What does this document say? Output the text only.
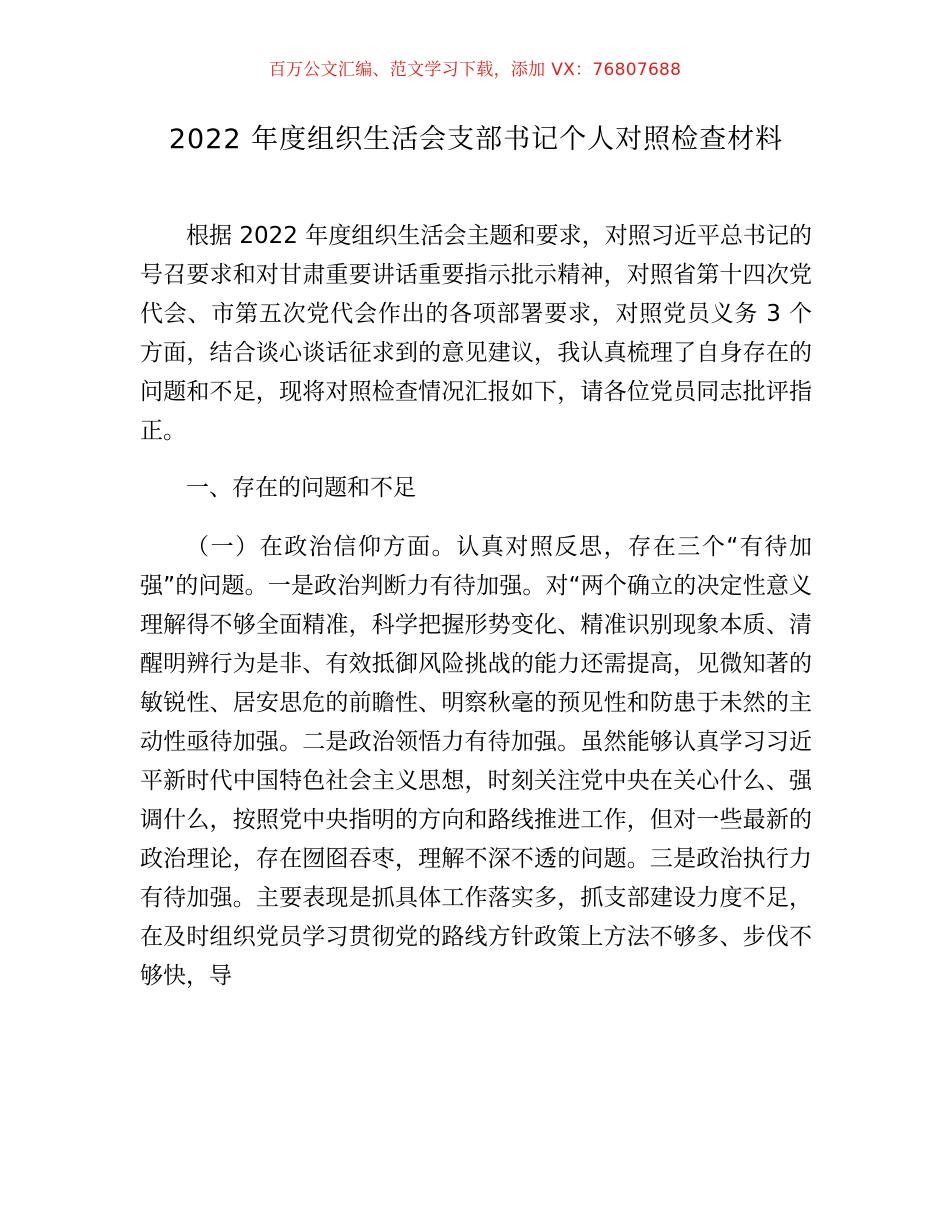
百万公文汇编、范文学习下载，添加 VX：76807688
2022 年度组织生活会支部书记个人对照检查材料

根据 2022 年度组织生活会主题和要求，对照习近平总书记的号召要求和对甘肃重要讲话重要指示批示精神，对照省第十四次党代会、市第五次党代会作出的各项部署要求，对照党员义务 3 个方面，结合谈心谈话征求到的意见建议，我认真梳理了自身存在的问题和不足，现将对照检查情况汇报如下，请各位党员同志批评指正。

一、存在的问题和不足

（一）在政治信仰方面。认真对照反思，存在三个“有待加强”的问题。一是政治判断力有待加强。对“两个确立的决定性意义理解得不够全面精准，科学把握形势变化、精准识别现象本质、清醒明辨行为是非、有效抵御风险挑战的能力还需提高，见微知著的敏锐性、居安思危的前瞻性、明察秋毫的预见性和防患于未然的主动性亟待加强。二是政治领悟力有待加强。虽然能够认真学习习近平新时代中国特色社会主义思想，时刻关注党中央在关心什么、强调什么，按照党中央指明的方向和路线推进工作，但对一些最新的政治理论，存在囫囵吞枣，理解不深不透的问题。三是政治执行力有待加强。主要表现是抓具体工作落实多，抓支部建设力度不足，在及时组织党员学习贯彻党的路线方针政策上方法不够多、步伐不够快，导
